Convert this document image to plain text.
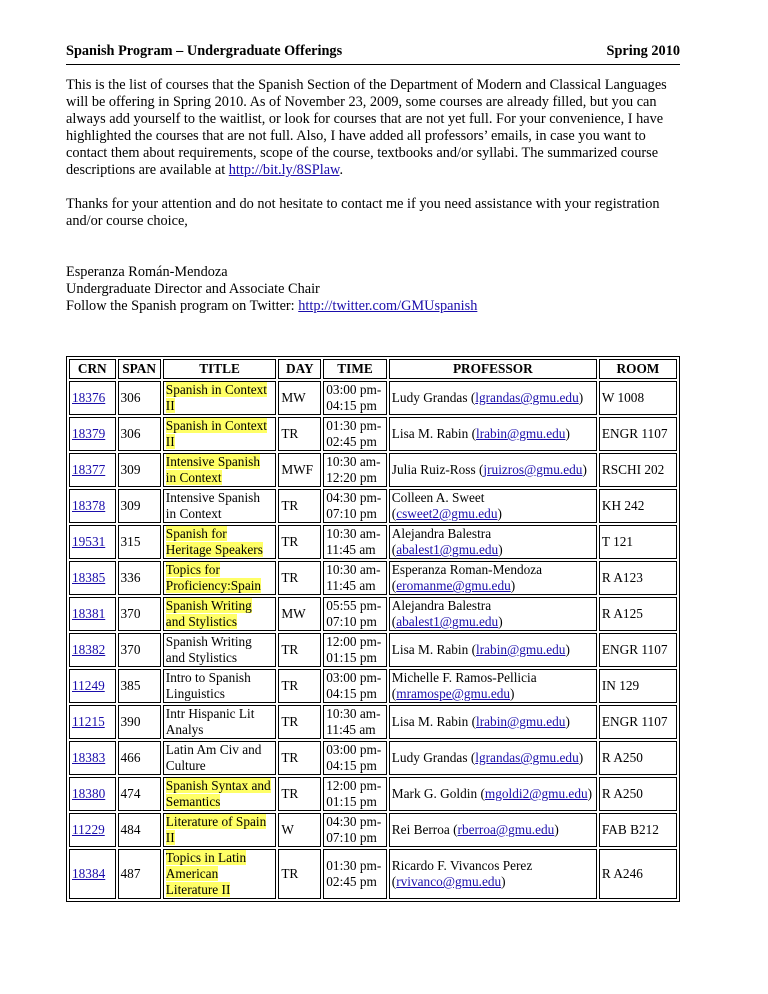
Spanish Program – Undergraduate Offerings	Spring 2010

This is the list of courses that the Spanish Section of the Department of Modern and Classical Languages will be offering in Spring 2010. As of November 23, 2009, some courses are already filled, but you can always add yourself to the waitlist, or look for courses that are not yet full. For your convenience, I have highlighted the courses that are not full. Also, I have added all professors’ emails, in case you want to contact them about requirements, scope of the course, textbooks and/or syllabi. The summarized course descriptions are available at http://bit.ly/8SPlaw.

Thanks for your attention and do not hesitate to contact me if you need assistance with your registration and/or course choice,

Esperanza Román-Mendoza

Undergraduate Director and Associate Chair

Follow the Spanish program on Twitter: http://twitter.com/GMUspanish

CRN	SPAN	TITLE	DAY	TIME	PROFESSOR	ROOM
18376	306	Spanish in Context II	MW	03:00 pm-
04:15 pm	Ludy Grandas (lgrandas@gmu.edu)	W 1008
18379	306	Spanish in Context II	TR	01:30 pm-
02:45 pm	Lisa M. Rabin (lrabin@gmu.edu)	ENGR 1107
18377	309	Intensive Spanish in Context	MWF	10:30 am-
12:20 pm	Julia Ruiz-Ross (jruizros@gmu.edu)	RSCHI 202
18378	309	Intensive Spanish in Context	TR	04:30 pm-
07:10 pm	Colleen A. Sweet (csweet2@gmu.edu)	KH 242
19531	315	Spanish for Heritage Speakers	TR	10:30 am-
11:45 am	Alejandra Balestra
(abalest1@gmu.edu)	T 121
18385	336	Topics for Proficiency:Spain	TR	10:30 am-
11:45 am	Esperanza Roman-Mendoza
(eromanme@gmu.edu)	R A123
18381	370	Spanish Writing and Stylistics	MW	05:55 pm-
07:10 pm	Alejandra Balestra
(abalest1@gmu.edu)	R A125
18382	370	Spanish Writing and Stylistics	TR	12:00 pm-
01:15 pm	Lisa M. Rabin (lrabin@gmu.edu)	ENGR 1107
11249	385	Intro to Spanish Linguistics	TR	03:00 pm-
04:15 pm	Michelle F. Ramos-Pellicia
(mramospe@gmu.edu)	IN 129
11215	390	Intr Hispanic Lit Analys	TR	10:30 am-
11:45 am	Lisa M. Rabin (lrabin@gmu.edu)	ENGR 1107
18383	466	Latin Am Civ and Culture	TR	03:00 pm-
04:15 pm	Ludy Grandas (lgrandas@gmu.edu)	R A250
18380	474	Spanish Syntax and Semantics	TR	12:00 pm-
01:15 pm	Mark G. Goldin (mgoldi2@gmu.edu)	R A250
11229	484	Literature of Spain II	W	04:30 pm-
07:10 pm	Rei Berroa (rberroa@gmu.edu)	FAB B212
18384	487	Topics in Latin American Literature II	TR	01:30 pm-
02:45 pm	Ricardo F. Vivancos Perez
(rvivanco@gmu.edu)	R A246
